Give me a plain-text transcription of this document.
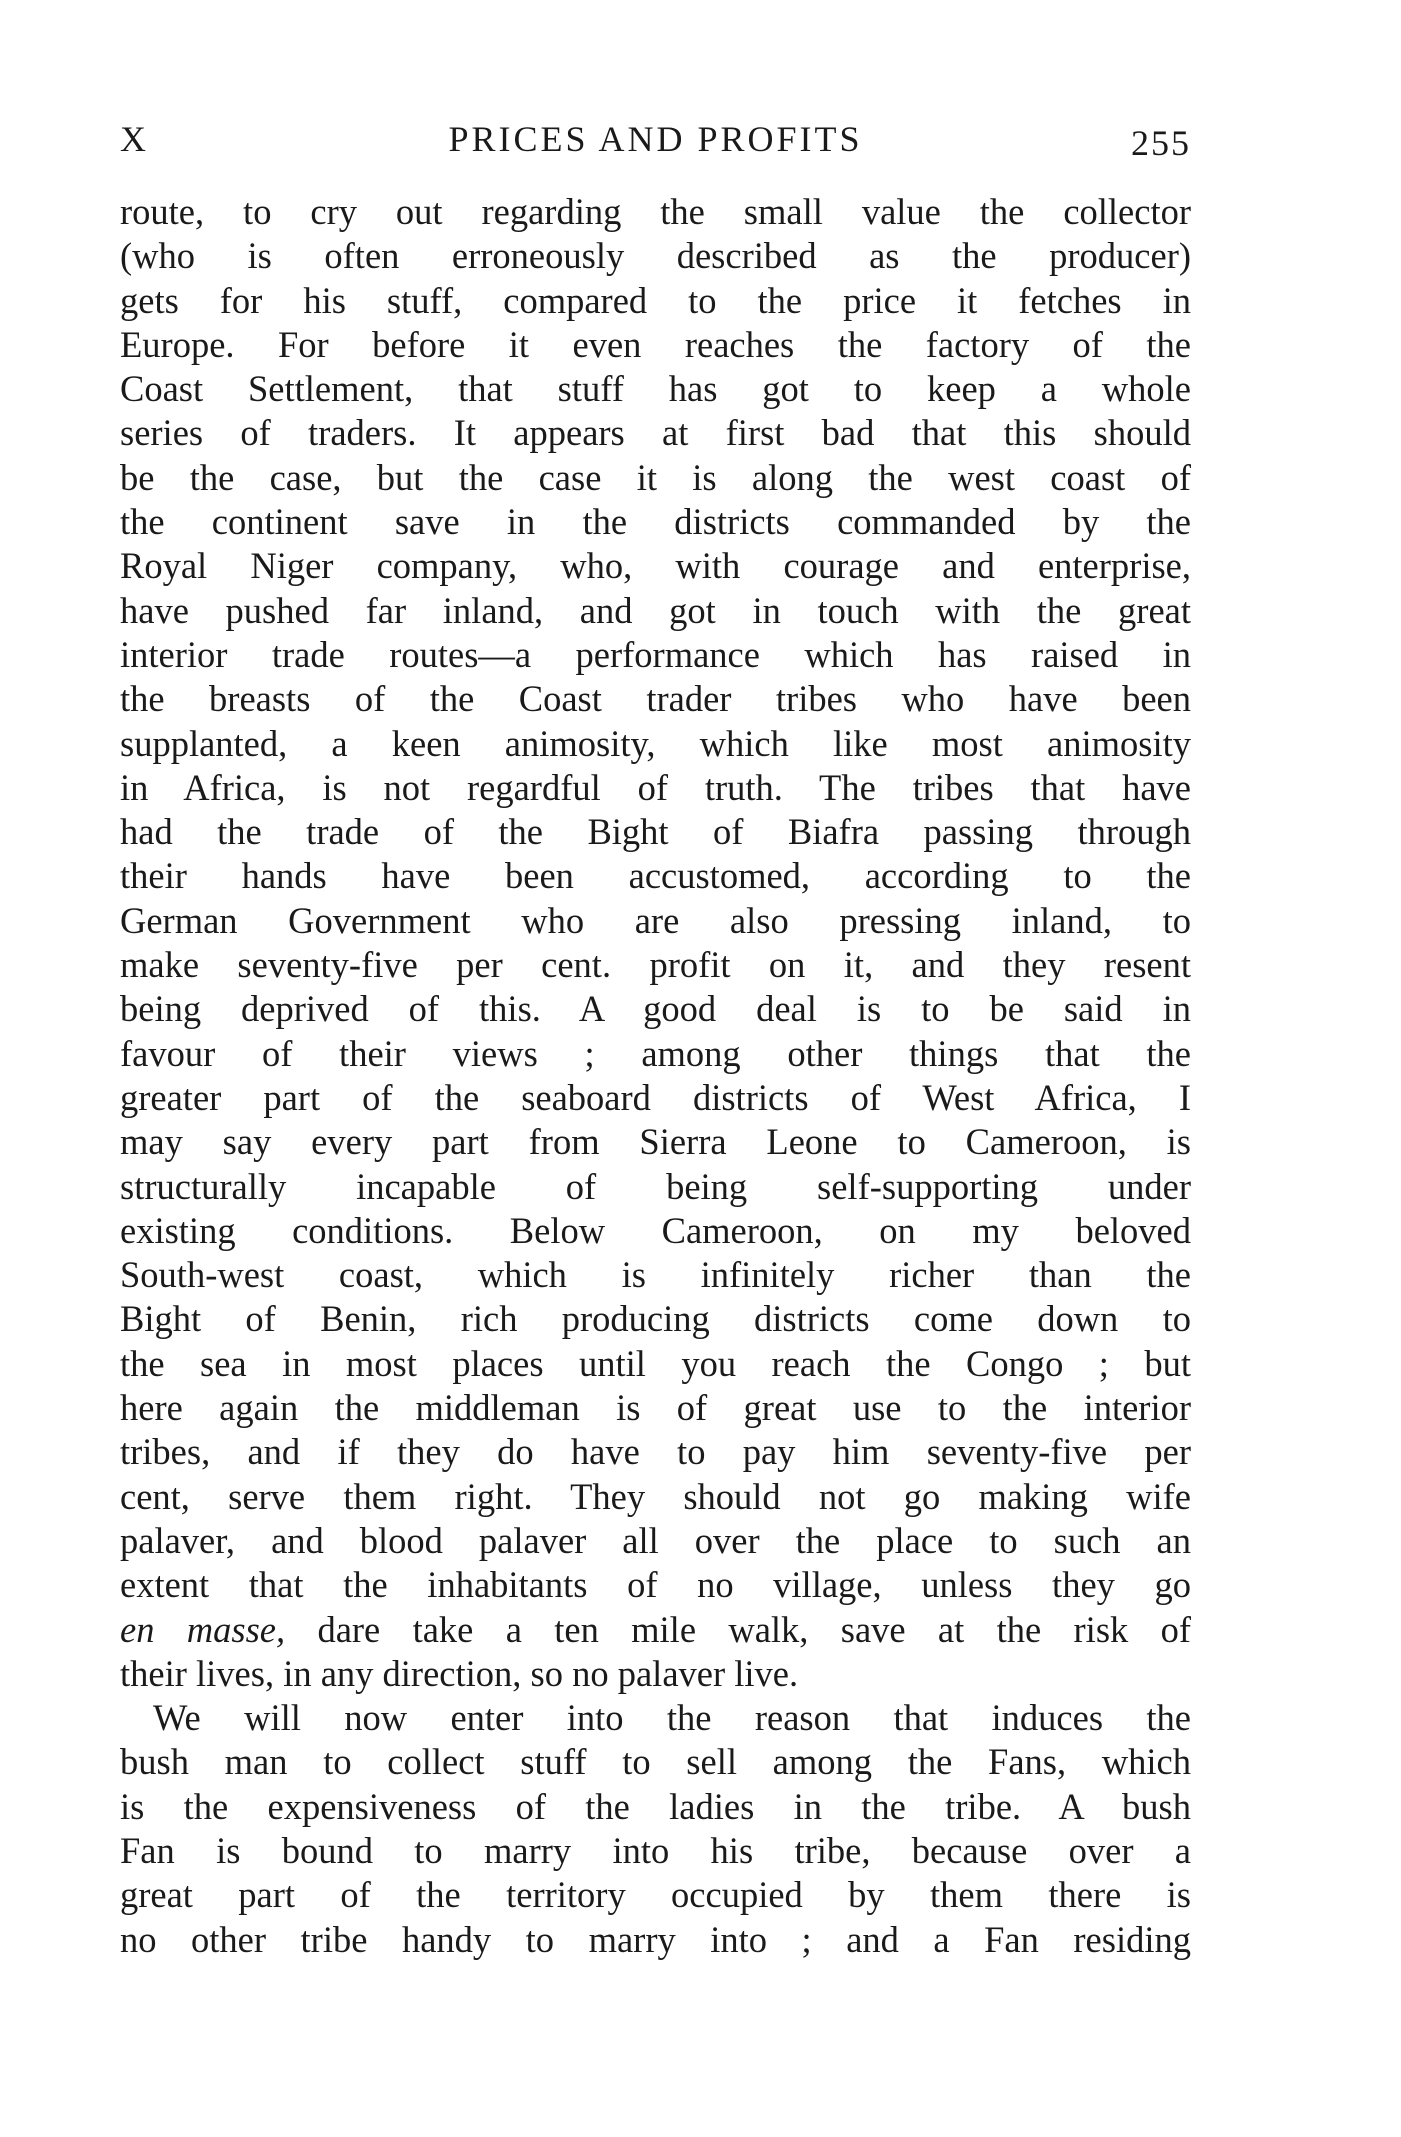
X	PRICES AND PROFITS	255
route, to cry out regarding the small value the collector
(who is often erroneously described as the producer)
gets for his stuff, compared to the price it fetches in
Europe. For before it even reaches the factory of the
Coast Settlement, that stuff has got to keep a whole
series of traders. It appears at first bad that this should
be the case, but the case it is along the west coast of
the continent save in the districts commanded by the
Royal Niger company, who, with courage and enterprise,
have pushed far inland, and got in touch with the great
interior trade routes—a performance which has raised in
the breasts of the Coast trader tribes who have been
supplanted, a keen animosity, which like most animosity
in Africa, is not regardful of truth. The tribes that have
had the trade of the Bight of Biafra passing through
their hands have been accustomed, according to the
German Government who are also pressing inland, to
make seventy-five per cent. profit on it, and they resent
being deprived of this. A good deal is to be said in
favour of their views ; among other things that the
greater part of the seaboard districts of West Africa, I
may say every part from Sierra Leone to Cameroon, is
structurally incapable of being self-supporting under
existing conditions. Below Cameroon, on my beloved
South-west coast, which is infinitely richer than the
Bight of Benin, rich producing districts come down to
the sea in most places until you reach the Congo ; but
here again the middleman is of great use to the interior
tribes, and if they do have to pay him seventy-five per
cent, serve them right. They should not go making wife
palaver, and blood palaver all over the place to such an
extent that the inhabitants of no village, unless they go
en masse, dare take a ten mile walk, save at the risk of
their lives, in any direction, so no palaver live.
We will now enter into the reason that induces the
bush man to collect stuff to sell among the Fans, which
is the expensiveness of the ladies in the tribe. A bush
Fan is bound to marry into his tribe, because over a
great part of the territory occupied by them there is
no other tribe handy to marry into ; and a Fan residing
